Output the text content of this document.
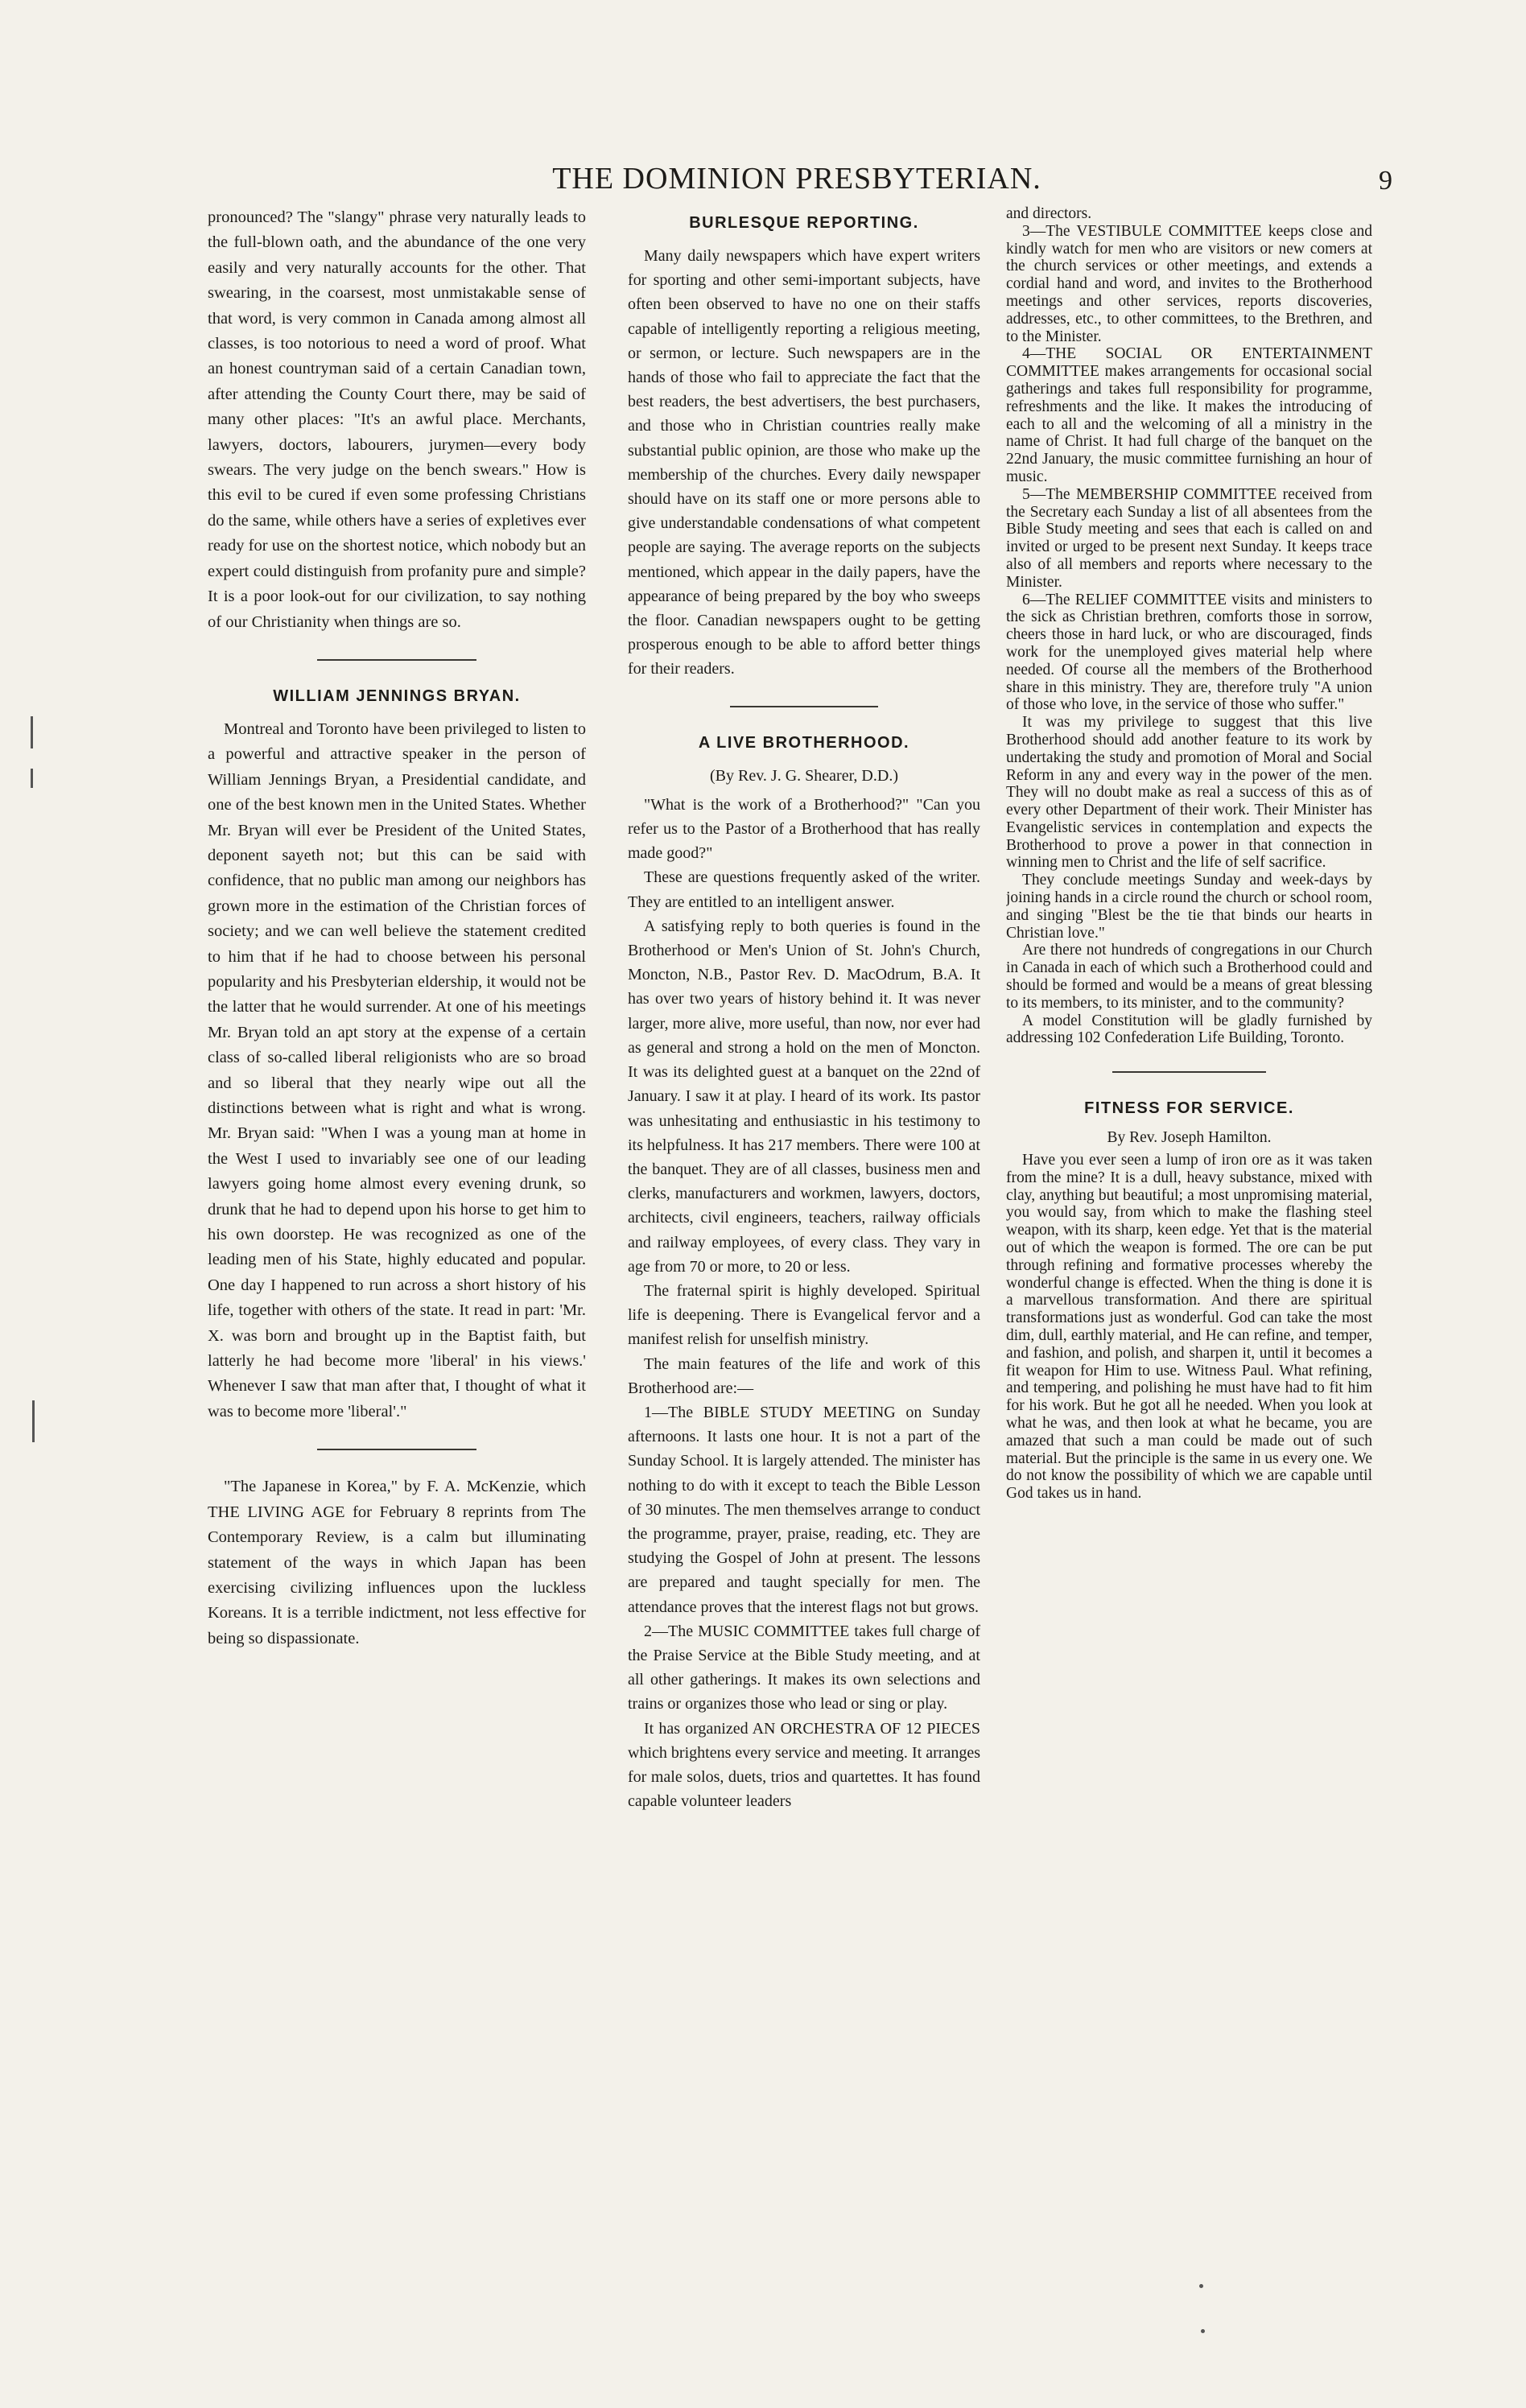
THE DOMINION PRESBYTERIAN.	9

pronounced? The "slangy" phrase very naturally leads to the full-blown oath, and the abundance of the one very easily and very naturally accounts for the other. That swearing, in the coarsest, most unmistakable sense of that word, is very common in Canada among almost all classes, is too notorious to need a word of proof. What an honest countryman said of a certain Canadian town, after attending the County Court there, may be said of many other places: "It's an awful place. Merchants, lawyers, doctors, labourers, jurymen—every body swears. The very judge on the bench swears." How is this evil to be cured if even some professing Christians do the same, while others have a series of expletives ever ready for use on the shortest notice, which nobody but an expert could distinguish from profanity pure and simple? It is a poor look-out for our civilization, to say nothing of our Christianity when things are so.

WILLIAM JENNINGS BRYAN.

Montreal and Toronto have been privileged to listen to a powerful and attractive speaker in the person of William Jennings Bryan, a Presidential candidate, and one of the best known men in the United States. Whether Mr. Bryan will ever be President of the United States, deponent sayeth not; but this can be said with confidence, that no public man among our neighbors has grown more in the estimation of the Christian forces of society; and we can well believe the statement credited to him that if he had to choose between his personal popularity and his Presbyterian eldership, it would not be the latter that he would surrender. At one of his meetings Mr. Bryan told an apt story at the expense of a certain class of so-called liberal religionists who are so broad and so liberal that they nearly wipe out all the distinctions between what is right and what is wrong. Mr. Bryan said: "When I was a young man at home in the West I used to invariably see one of our leading lawyers going home almost every evening drunk, so drunk that he had to depend upon his horse to get him to his own doorstep. He was recognized as one of the leading men of his State, highly educated and popular. One day I happened to run across a short history of his life, together with others of the state. It read in part: 'Mr. X. was born and brought up in the Baptist faith, but latterly he had become more 'liberal' in his views.' Whenever I saw that man after that, I thought of what it was to become more 'liberal'."

"The Japanese in Korea," by F. A. McKenzie, which THE LIVING AGE for February 8 reprints from The Contemporary Review, is a calm but illuminating statement of the ways in which Japan has been exercising civilizing influences upon the luckless Koreans. It is a terrible indictment, not less effective for being so dispassionate.

BURLESQUE REPORTING.

Many daily newspapers which have expert writers for sporting and other semi-important subjects, have often been observed to have no one on their staffs capable of intelligently reporting a religious meeting, or sermon, or lecture. Such newspapers are in the hands of those who fail to appreciate the fact that the best readers, the best advertisers, the best purchasers, and those who in Christian countries really make substantial public opinion, are those who make up the membership of the churches. Every daily newspaper should have on its staff one or more persons able to give understandable condensations of what competent people are saying. The average reports on the subjects mentioned, which appear in the daily papers, have the appearance of being prepared by the boy who sweeps the floor. Canadian newspapers ought to be getting prosperous enough to be able to afford better things for their readers.

A LIVE BROTHERHOOD.
(By Rev. J. G. Shearer, D.D.)

"What is the work of a Brotherhood?" "Can you refer us to the Pastor of a Brotherhood that has really made good?"

These are questions frequently asked of the writer. They are entitled to an intelligent answer.

A satisfying reply to both queries is found in the Brotherhood or Men's Union of St. John's Church, Moncton, N.B., Pastor Rev. D. MacOdrum, B.A. It has over two years of history behind it. It was never larger, more alive, more useful, than now, nor ever had as general and strong a hold on the men of Moncton. It was its delighted guest at a banquet on the 22nd of January. I saw it at play. I heard of its work. Its pastor was unhesitating and enthusiastic in his testimony to its helpfulness. It has 217 members. There were 100 at the banquet. They are of all classes, business men and clerks, manufacturers and workmen, lawyers, doctors, architects, civil engineers, teachers, railway officials and railway employees, of every class. They vary in age from 70 or more, to 20 or less.

The fraternal spirit is highly developed. Spiritual life is deepening. There is Evangelical fervor and a manifest relish for unselfish ministry.

The main features of the life and work of this Brotherhood are:—

1—The BIBLE STUDY MEETING on Sunday afternoons. It lasts one hour. It is not a part of the Sunday School. It is largely attended. The minister has nothing to do with it except to teach the Bible Lesson of 30 minutes. The men themselves arrange to conduct the programme, prayer, praise, reading, etc. They are studying the Gospel of John at present. The lessons are prepared and taught specially for men. The attendance proves that the interest flags not but grows.

2—The MUSIC COMMITTEE takes full charge of the Praise Service at the Bible Study meeting, and at all other gatherings. It makes its own selections and trains or organizes those who lead or sing or play.

It has organized AN ORCHESTRA OF 12 PIECES which brightens every service and meeting. It arranges for male solos, duets, trios and quartettes. It has found capable volunteer leaders

and directors.

3—The VESTIBULE COMMITTEE keeps close and kindly watch for men who are visitors or new comers at the church services or other meetings, and extends a cordial hand and word, and invites to the Brotherhood meetings and other services, reports discoveries, addresses, etc., to other committees, to the Brethren, and to the Minister.

4—THE SOCIAL OR ENTERTAINMENT COMMITTEE makes arrangements for occasional social gatherings and takes full responsibility for programme, refreshments and the like. It makes the introducing of each to all and the welcoming of all a ministry in the name of Christ. It had full charge of the banquet on the 22nd January, the music committee furnishing an hour of music.

5—The MEMBERSHIP COMMITTEE received from the Secretary each Sunday a list of all absentees from the Bible Study meeting and sees that each is called on and invited or urged to be present next Sunday. It keeps trace also of all members and reports where necessary to the Minister.

6—The RELIEF COMMITTEE visits and ministers to the sick as Christian brethren, comforts those in sorrow, cheers those in hard luck, or who are discouraged, finds work for the unemployed gives material help where needed. Of course all the members of the Brotherhood share in this ministry. They are, therefore truly "A union of those who love, in the service of those who suffer."

It was my privilege to suggest that this live Brotherhood should add another feature to its work by undertaking the study and promotion of Moral and Social Reform in any and every way in the power of the men. They will no doubt make as real a success of this as of every other Department of their work. Their Minister has Evangelistic services in contemplation and expects the Brotherhood to prove a power in that connection in winning men to Christ and the life of self sacrifice.

They conclude meetings Sunday and week-days by joining hands in a circle round the church or school room, and singing "Blest be the tie that binds our hearts in Christian love."

Are there not hundreds of congregations in our Church in Canada in each of which such a Brotherhood could and should be formed and would be a means of great blessing to its members, to its minister, and to the community?

A model Constitution will be gladly furnished by addressing 102 Confederation Life Building, Toronto.

FITNESS FOR SERVICE.
By Rev. Joseph Hamilton.

Have you ever seen a lump of iron ore as it was taken from the mine? It is a dull, heavy substance, mixed with clay, anything but beautiful; a most unpromising material, you would say, from which to make the flashing steel weapon, with its sharp, keen edge. Yet that is the material out of which the weapon is formed. The ore can be put through refining and formative processes whereby the wonderful change is effected. When the thing is done it is a marvellous transformation. And there are spiritual transformations just as wonderful. God can take the most dim, dull, earthly material, and He can refine, and temper, and fashion, and polish, and sharpen it, until it becomes a fit weapon for Him to use. Witness Paul. What refining, and tempering, and polishing he must have had to fit him for his work. But he got all he needed. When you look at what he was, and then look at what he became, you are amazed that such a man could be made out of such material. But the principle is the same in us every one. We do not know the possibility of which we are capable until God takes us in hand.
